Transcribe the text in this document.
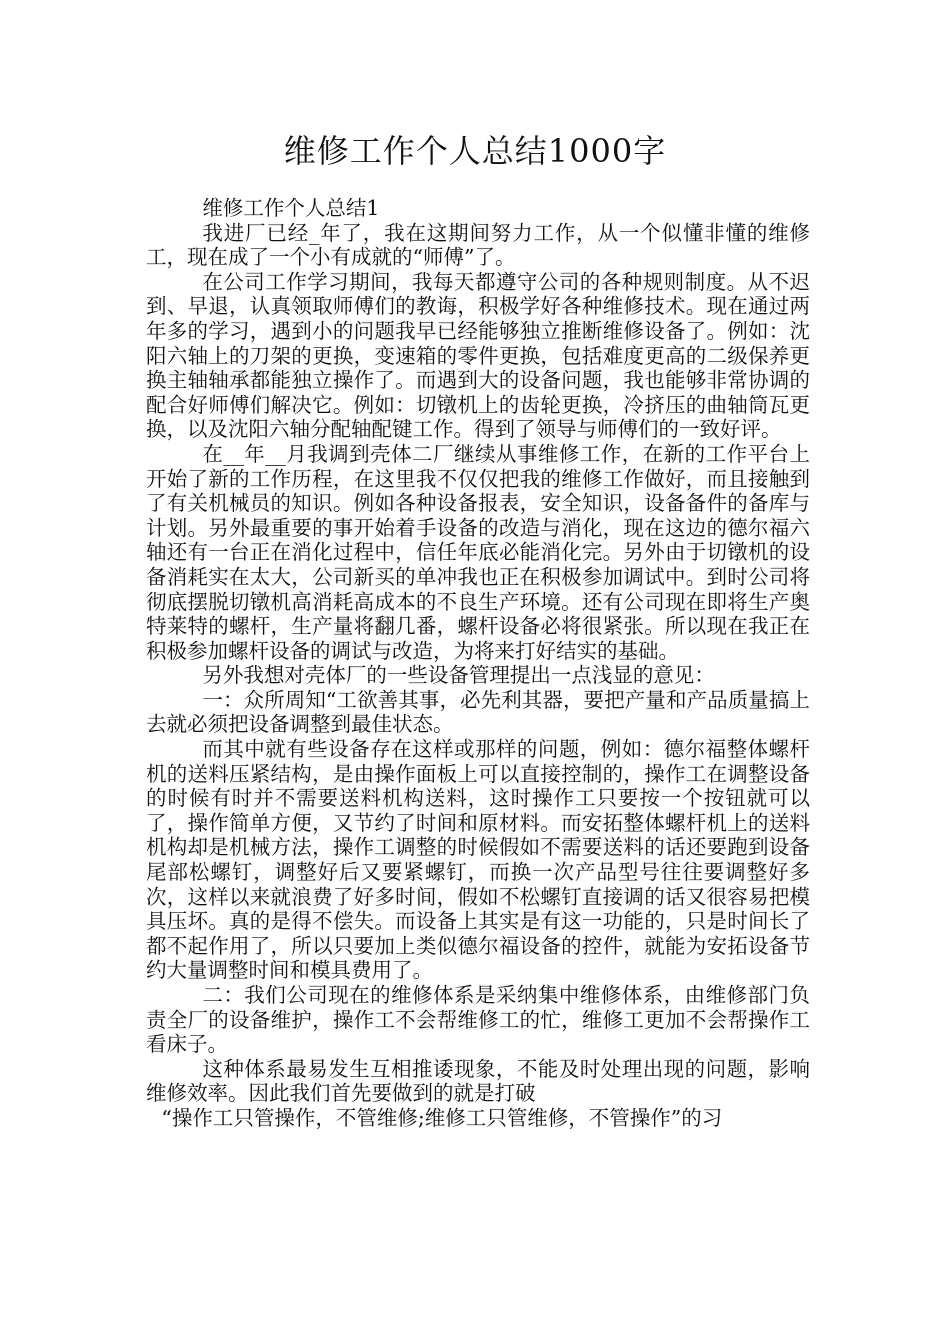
维修工作个人总结1000字

维修工作个人总结1

我进厂已经_年了，我在这期间努力工作，从一个似懂非懂的维修工，现在成了一个小有成就的“师傅”了。

在公司工作学习期间，我每天都遵守公司的各种规则制度。从不迟到、早退，认真领取师傅们的教诲，积极学好各种维修技术。现在通过两年多的学习，遇到小的问题我早已经能够独立推断维修设备了。例如：沈阳六轴上的刀架的更换，变速箱的零件更换，包括难度更高的二级保养更换主轴轴承都能独立操作了。而遇到大的设备问题，我也能够非常协调的配合好师傅们解决它。例如：切镦机上的齿轮更换，冷挤压的曲轴筒瓦更换，以及沈阳六轴分配轴配键工作。得到了领导与师傅们的一致好评。

在__年__月我调到壳体二厂继续从事维修工作，在新的工作平台上开始了新的工作历程，在这里我不仅仅把我的维修工作做好，而且接触到了有关机械员的知识。例如各种设备报表，安全知识，设备备件的备库与计划。另外最重要的事开始着手设备的改造与消化，现在这边的德尔福六轴还有一台正在消化过程中，信任年底必能消化完。另外由于切镦机的设备消耗实在太大，公司新买的单冲我也正在积极参加调试中。到时公司将彻底摆脱切镦机高消耗高成本的不良生产环境。还有公司现在即将生产奥特莱特的螺杆，生产量将翻几番，螺杆设备必将很紧张。所以现在我正在积极参加螺杆设备的调试与改造，为将来打好结实的基础。

另外我想对壳体厂的一些设备管理提出一点浅显的意见：

一：众所周知“工欲善其事，必先利其器，要把产量和产品质量搞上去就必须把设备调整到最佳状态。

而其中就有些设备存在这样或那样的问题，例如：德尔福整体螺杆机的送料压紧结构，是由操作面板上可以直接控制的，操作工在调整设备的时候有时并不需要送料机构送料，这时操作工只要按一个按钮就可以了，操作简单方便，又节约了时间和原材料。而安拓整体螺杆机上的送料机构却是机械方法，操作工调整的时候假如不需要送料的话还要跑到设备尾部松螺钉，调整好后又要紧螺钉，而换一次产品型号往往要调整好多次，这样以来就浪费了好多时间，假如不松螺钉直接调的话又很容易把模具压坏。真的是得不偿失。而设备上其实是有这一功能的，只是时间长了都不起作用了，所以只要加上类似德尔福设备的控件，就能为安拓设备节约大量调整时间和模具费用了。

二：我们公司现在的维修体系是采纳集中维修体系，由维修部门负责全厂的设备维护，操作工不会帮维修工的忙，维修工更加不会帮操作工看床子。

这种体系最易发生互相推诿现象，不能及时处理出现的问题，影响维修效率。因此我们首先要做到的就是打破

“操作工只管操作，不管维修;维修工只管维修，不管操作”的习
